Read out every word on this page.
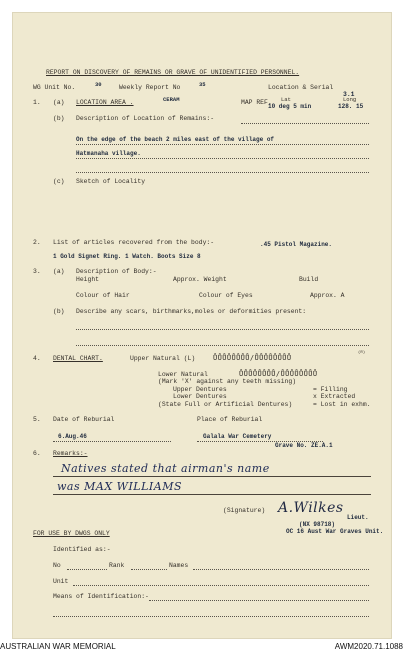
REPORT ON DISCOVERY OF REMAINS OR GRAVE OF UNIDENTIFIED PERSONNEL.
WG Unit No.	30	Weekly Report No	35	Location & Serial
3.1
1. (a) LOCATION AREA .	CERAM	MAP REF. Lat
10 deg 5 min
Long
128. 15
(b) Description of Location of Remains:-
On the edge of the beach 2 miles east of the village of
Hatmanaha village.
(c) Sketch of Locality
2. List of articles recovered from the body:-	.45 Pistol Magazine.
1 Gold Signet Ring. 1 Watch. Boots Size 8
3. (a) Description of Body:-
Height	Approx. Weight	Build
Colour of Hair	Colour of Eyes	Approx. A
(b) Describe any scars, birthmarks,moles or deformities present:
4. DENTAL CHART.	Upper Natural (L)	ŮŮŮŮŮŮŮŮ/ŮŮŮŮŮŮŮŮ
(R)
Lower Natural	ŮŮŮŮŮŮŮŮ/ŮŮŮŮŮŮŮŮ
(Mark 'X' against any teeth missing)
Upper Dentures
Lower Dentures
(State Full or Artificial Dentures)
= Filling
x Extracted
= Lost in exhm.
5. Date of Reburial	Place of Reburial
6.Aug.46	Galala War Cemetery
Grave No. ZE.A.1
6. Remarks:-
Natives stated that airman's name
was MAX WILLIAMS
(Signature) A.Wilkes
Lieut.
(NX 98718)
OC 16 Aust War Graves Unit.
FOR USE BY DWGS ONLY
Identified as:-
No	Rank	Names
Unit
Means of Identification:-
AUSTRALIAN WAR MEMORIAL	AWM2020.71.1088
